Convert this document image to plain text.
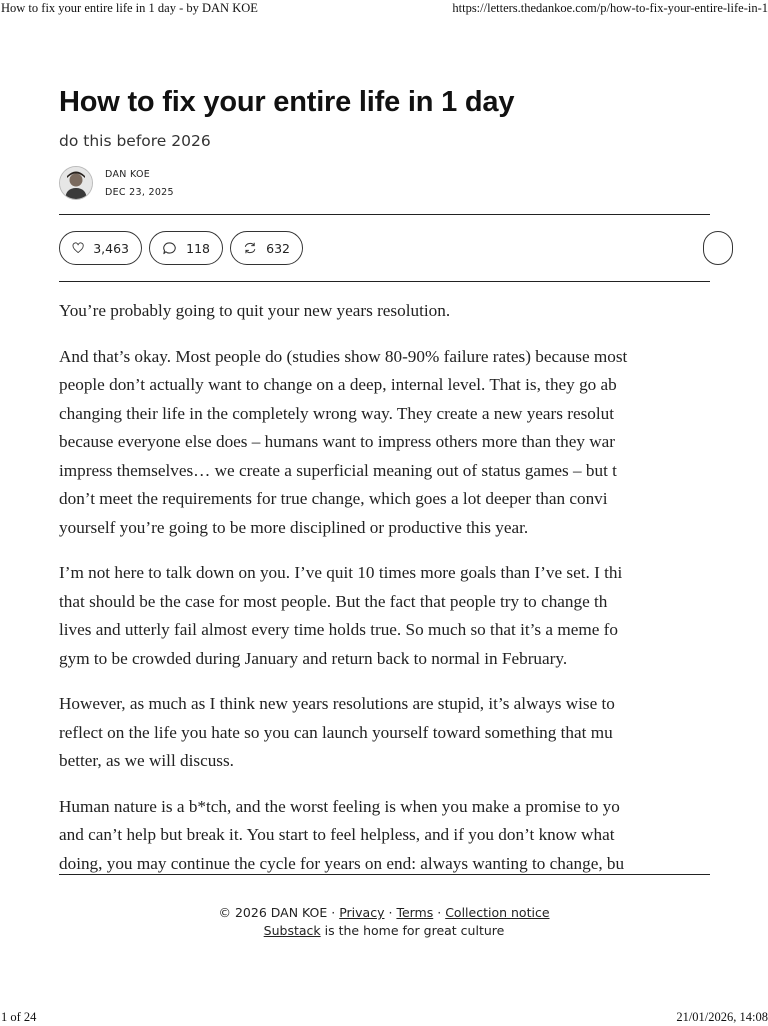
How to fix your entire life in 1 day - by DAN KOE	https://letters.thedankoe.com/p/how-to-fix-your-entire-life-in-1
How to fix your entire life in 1 day
do this before 2026
DAN KOE
DEC 23, 2025
3,463	118	632

You’re probably going to quit your new years resolution.

And that’s okay. Most people do (studies show 80-90% failure rates) because most
people don’t actually want to change on a deep, internal level. That is, they go ab
changing their life in the completely wrong way. They create a new years resolut
because everyone else does – humans want to impress others more than they war
impress themselves… we create a superficial meaning out of status games – but t
don’t meet the requirements for true change, which goes a lot deeper than convi
yourself you’re going to be more disciplined or productive this year.

I’m not here to talk down on you. I’ve quit 10 times more goals than I’ve set. I thi
that should be the case for most people. But the fact that people try to change th
lives and utterly fail almost every time holds true. So much so that it’s a meme fo
gym to be crowded during January and return back to normal in February.

However, as much as I think new years resolutions are stupid, it’s always wise to
reflect on the life you hate so you can launch yourself toward something that mu
better, as we will discuss.

Human nature is a b*tch, and the worst feeling is when you make a promise to yo
and can’t help but break it. You start to feel helpless, and if you don’t know what
doing, you may continue the cycle for years on end: always wanting to change, bu

© 2026 DAN KOE · Privacy · Terms · Collection notice
Substack is the home for great culture
1 of 24	21/01/2026, 14:08
